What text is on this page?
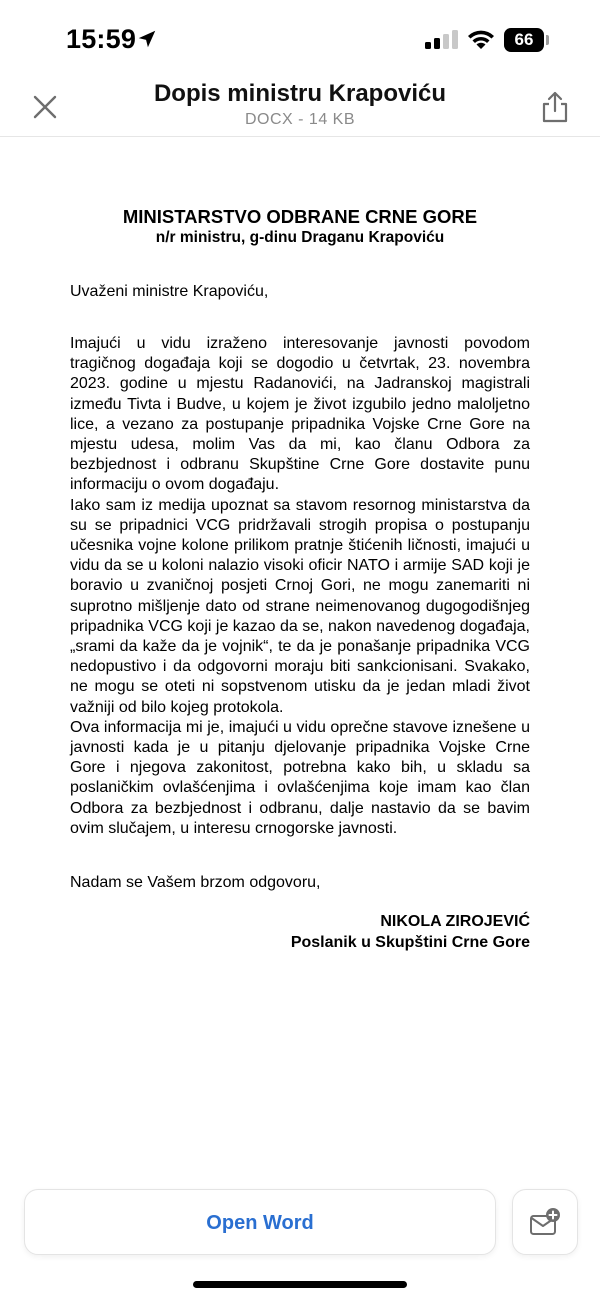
15:59	66
Dopis ministru Krapoviću
DOCX - 14 KB
MINISTARSTVO ODBRANE CRNE GORE
n/r ministru, g-dinu Draganu Krapoviću
Uvaženi ministre Krapoviću,

Imajući u vidu izraženo interesovanje javnosti povodom tragičnog događaja koji se dogodio u četvrtak, 23. novembra 2023. godine u mjestu Radanovići, na Jadranskoj magistrali između Tivta i Budve, u kojem je život izgubilo jedno maloljetno lice, a vezano za postupanje pripadnika Vojske Crne Gore na mjestu udesa, molim Vas da mi, kao članu Odbora za bezbjednost i odbranu Skupštine Crne Gore dostavite punu informaciju o ovom događaju.

Iako sam iz medija upoznat sa stavom resornog ministarstva da su se pripadnici VCG pridržavali strogih propisa o postupanju učesnika vojne kolone prilikom pratnje štićenih ličnosti, imajući u vidu da se u koloni nalazio visoki oficir NATO i armije SAD koji je boravio u zvaničnoj posjeti Crnoj Gori, ne mogu zanemariti ni suprotno mišljenje dato od strane neimenovanog dugogodišnjeg pripadnika VCG koji je kazao da se, nakon navedenog događaja, „srami da kaže da je vojnik“, te da je ponašanje pripadnika VCG nedopustivo i da odgovorni moraju biti sankcionisani. Svakako, ne mogu se oteti ni sopstvenom utisku da je jedan mladi život važniji od bilo kojeg protokola.

Ova informacija mi je, imajući u vidu oprečne stavove iznešene u javnosti kada je u pitanju djelovanje pripadnika Vojske Crne Gore i njegova zakonitost, potrebna kako bih, u skladu sa poslaničkim ovlašćenjima i ovlašćenjima koje imam kao član Odbora za bezbjednost i odbranu, dalje nastavio da se bavim ovim slučajem, u interesu crnogorske javnosti.

Nadam se Vašem brzom odgovoru,
NIKOLA ZIROJEVIĆ
Poslanik u Skupštini Crne Gore
Open Word
